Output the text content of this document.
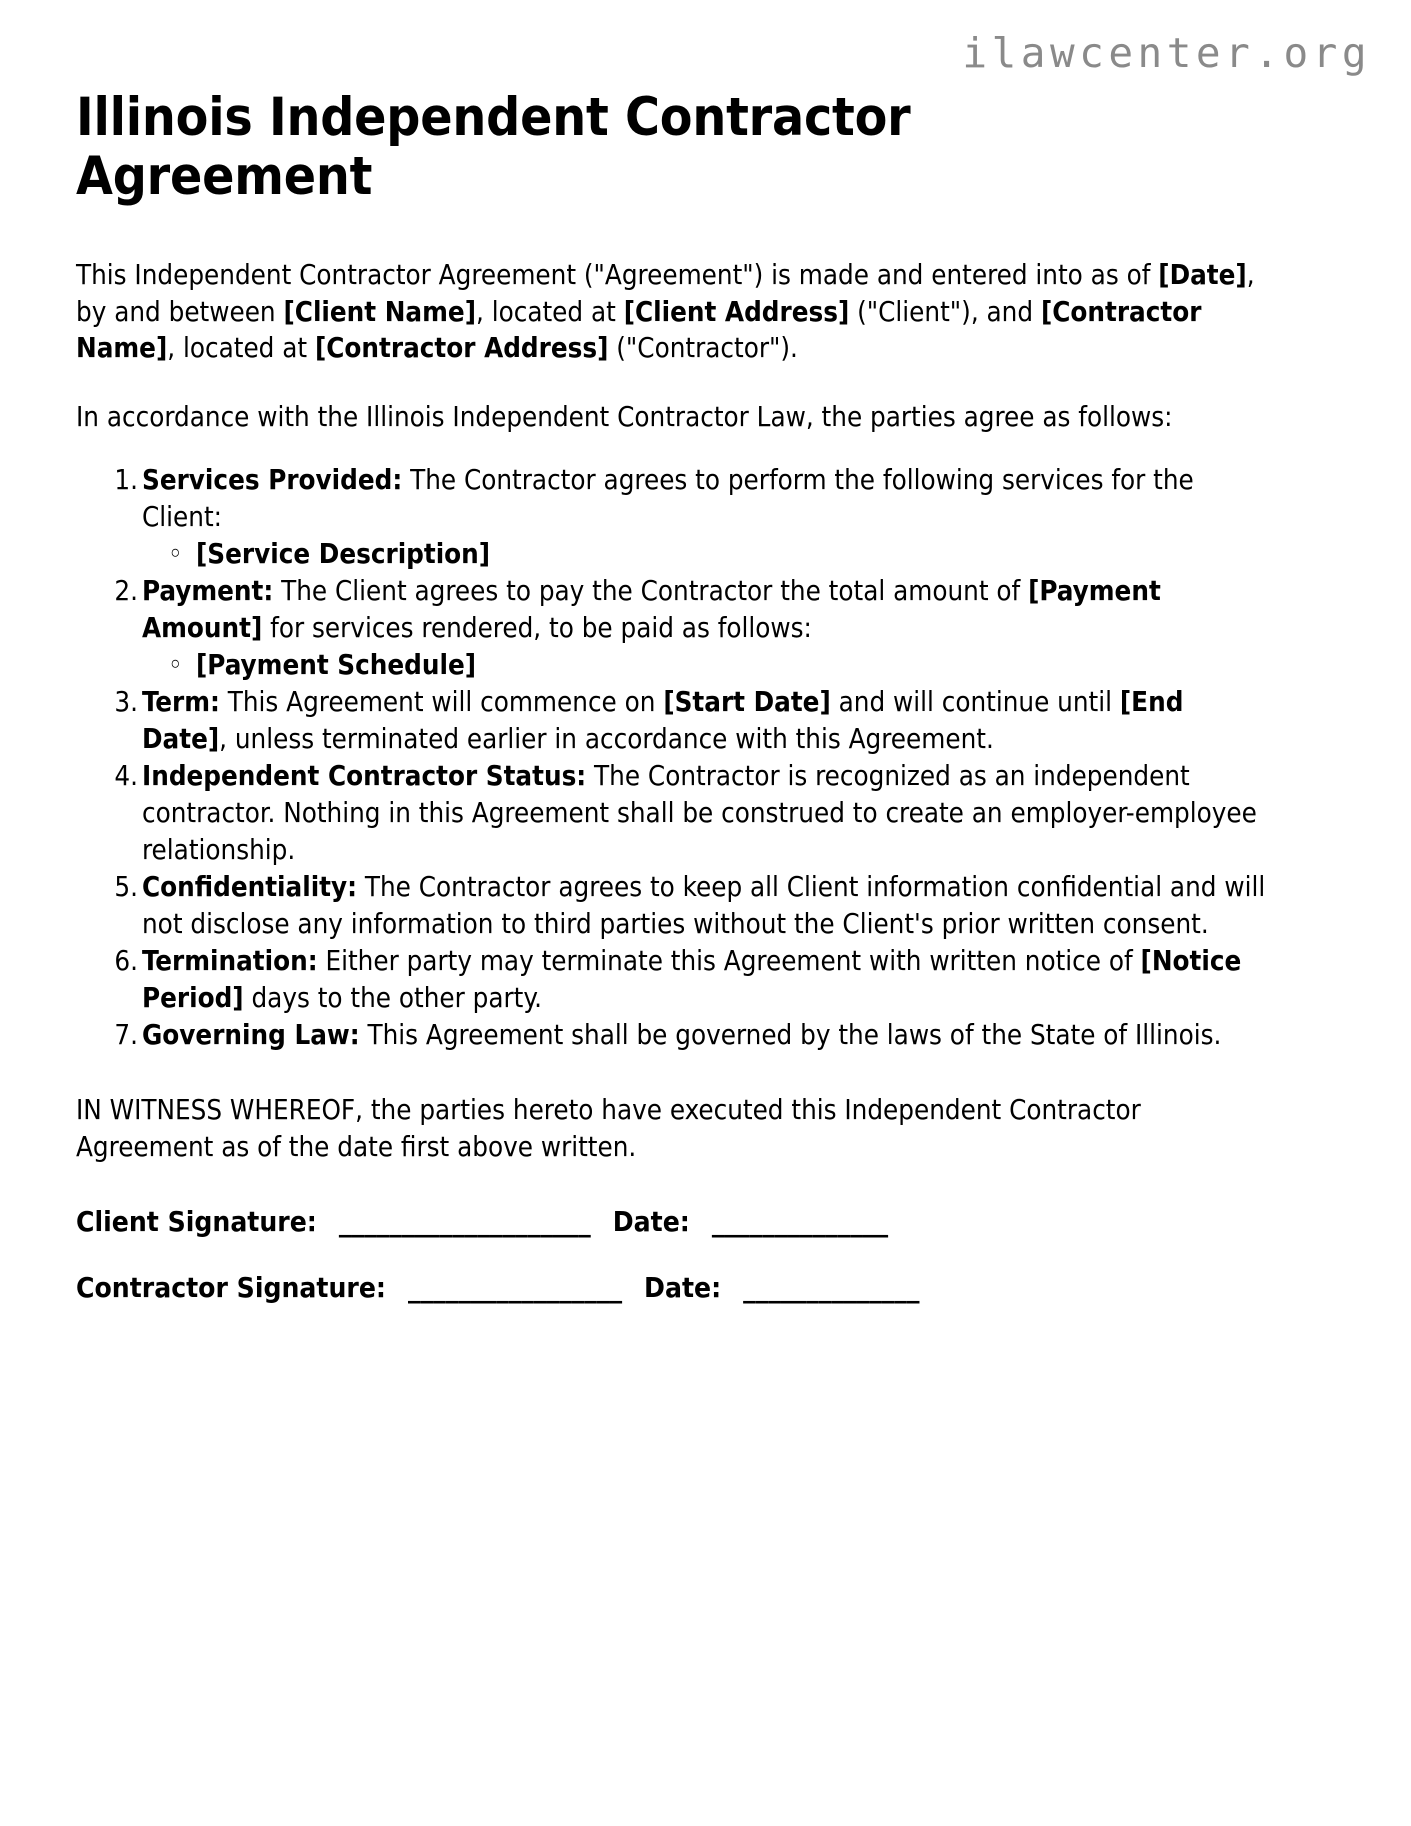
ilawcenter.org
Illinois Independent Contractor Agreement

This Independent Contractor Agreement ("Agreement") is made and entered into as of [Date], by and between [Client Name], located at [Client Address] ("Client"), and [Contractor Name], located at [Contractor Address] ("Contractor").

In accordance with the Illinois Independent Contractor Law, the parties agree as follows:

Services Provided: The Contractor agrees to perform the following services for the Client:
◦ [Service Description]
Payment: The Client agrees to pay the Contractor the total amount of [Payment Amount] for services rendered, to be paid as follows:
◦ [Payment Schedule]
Term: This Agreement will commence on [Start Date] and will continue until [End Date], unless terminated earlier in accordance with this Agreement.
Independent Contractor Status: The Contractor is recognized as an independent contractor. Nothing in this Agreement shall be construed to create an employer-employee relationship.
Confidentiality: The Contractor agrees to keep all Client information confidential and will not disclose any information to third parties without the Client's prior written consent.
Termination: Either party may terminate this Agreement with written notice of [Notice Period] days to the other party.
Governing Law: This Agreement shall be governed by the laws of the State of Illinois.

IN WITNESS WHEREOF, the parties hereto have executed this Independent Contractor Agreement as of the date first above written.

Client Signature: ____________________ Date: ______________

Contractor Signature: _________________ Date: ______________
